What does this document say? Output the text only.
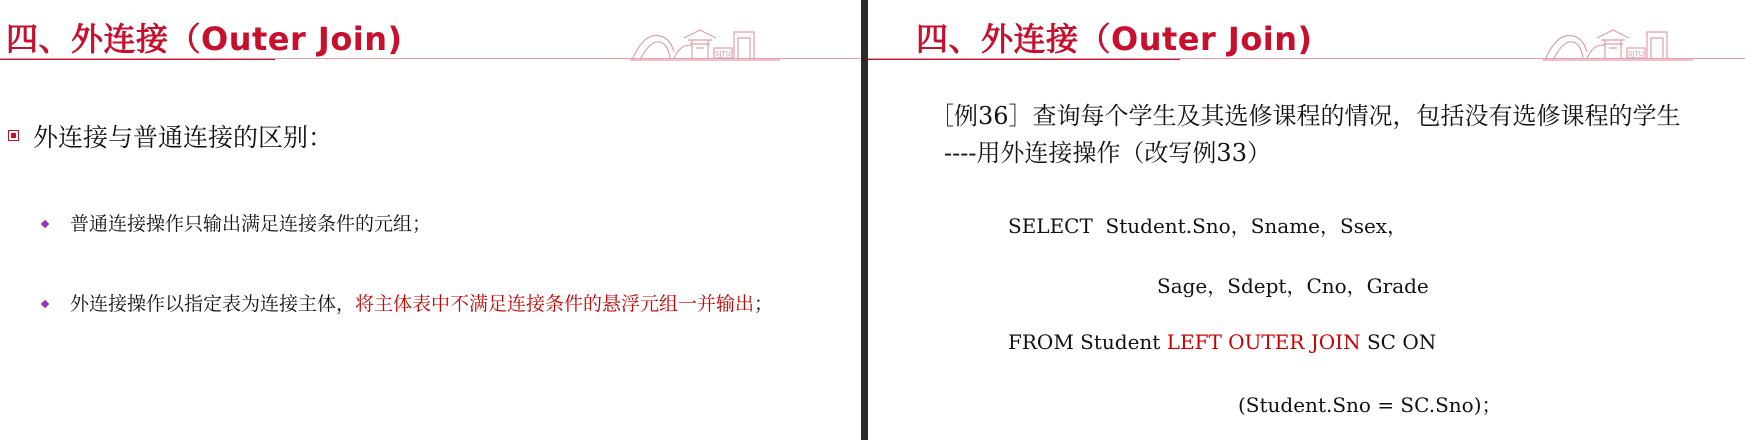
四、外连接（Outer Join)	SJTU
外连接与普通连接的区别：
普通连接操作只输出满足连接条件的元组；
外连接操作以指定表为连接主体，将主体表中不满足连接条件的悬浮元组一并输出；
四、外连接（Outer Join)	SJTU
［例36］查询每个学生及其选修课程的情况，包括没有选修课程的学生
----用外连接操作（改写例33）
SELECT  Student.Sno，Sname，Ssex，
Sage，Sdept，Cno，Grade
FROM Student LEFT OUTER JOIN SC ON
(Student.Sno = SC.Sno)；
